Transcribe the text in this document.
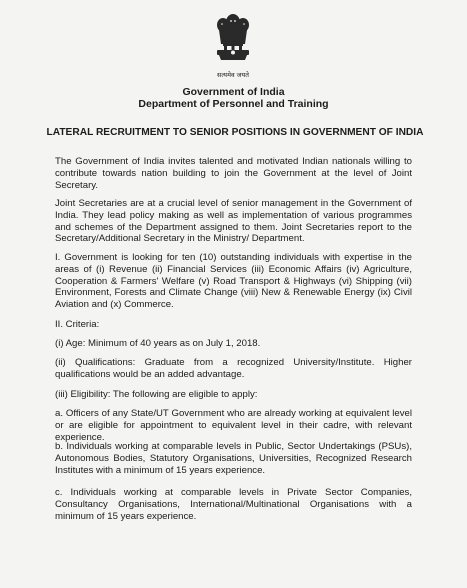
सत्यमेव जयते
Government of India
Department of Personnel and Training
LATERAL RECRUITMENT TO SENIOR POSITIONS IN GOVERNMENT OF INDIA

The Government of India invites talented and motivated Indian nationals willing to contribute towards nation building to join the Government at the level of Joint Secretary.

Joint Secretaries are at a crucial level of senior management in the Government of India. They lead policy making as well as implementation of various programmes and schemes of the Department assigned to them. Joint Secretaries report to the Secretary/Additional Secretary in the Ministry/ Department.

I. Government is looking for ten (10) outstanding individuals with expertise in the areas of (i) Revenue (ii) Financial Services (iii) Economic Affairs (iv) Agriculture, Cooperation & Farmers' Welfare (v) Road Transport & Highways (vi) Shipping (vii) Environment, Forests and Climate Change (viii) New & Renewable Energy (ix) Civil Aviation and (x) Commerce.

II. Criteria:

(i) Age: Minimum of 40 years as on July 1, 2018.

(ii) Qualifications: Graduate from a recognized University/Institute. Higher qualifications would be an added advantage.

(iii) Eligibility: The following are eligible to apply:

a. Officers of any State/UT Government who are already working at equivalent level or are eligible for appointment to equivalent level in their cadre, with relevant experience.

b. Individuals working at comparable levels in Public, Sector Undertakings (PSUs), Autonomous Bodies, Statutory Organisations, Universities, Recognized Research Institutes with a minimum of 15 years experience.

c. Individuals working at comparable levels in Private Sector Companies, Consultancy Organisations, International/Multinational Organisations with a minimum of 15 years experience.
